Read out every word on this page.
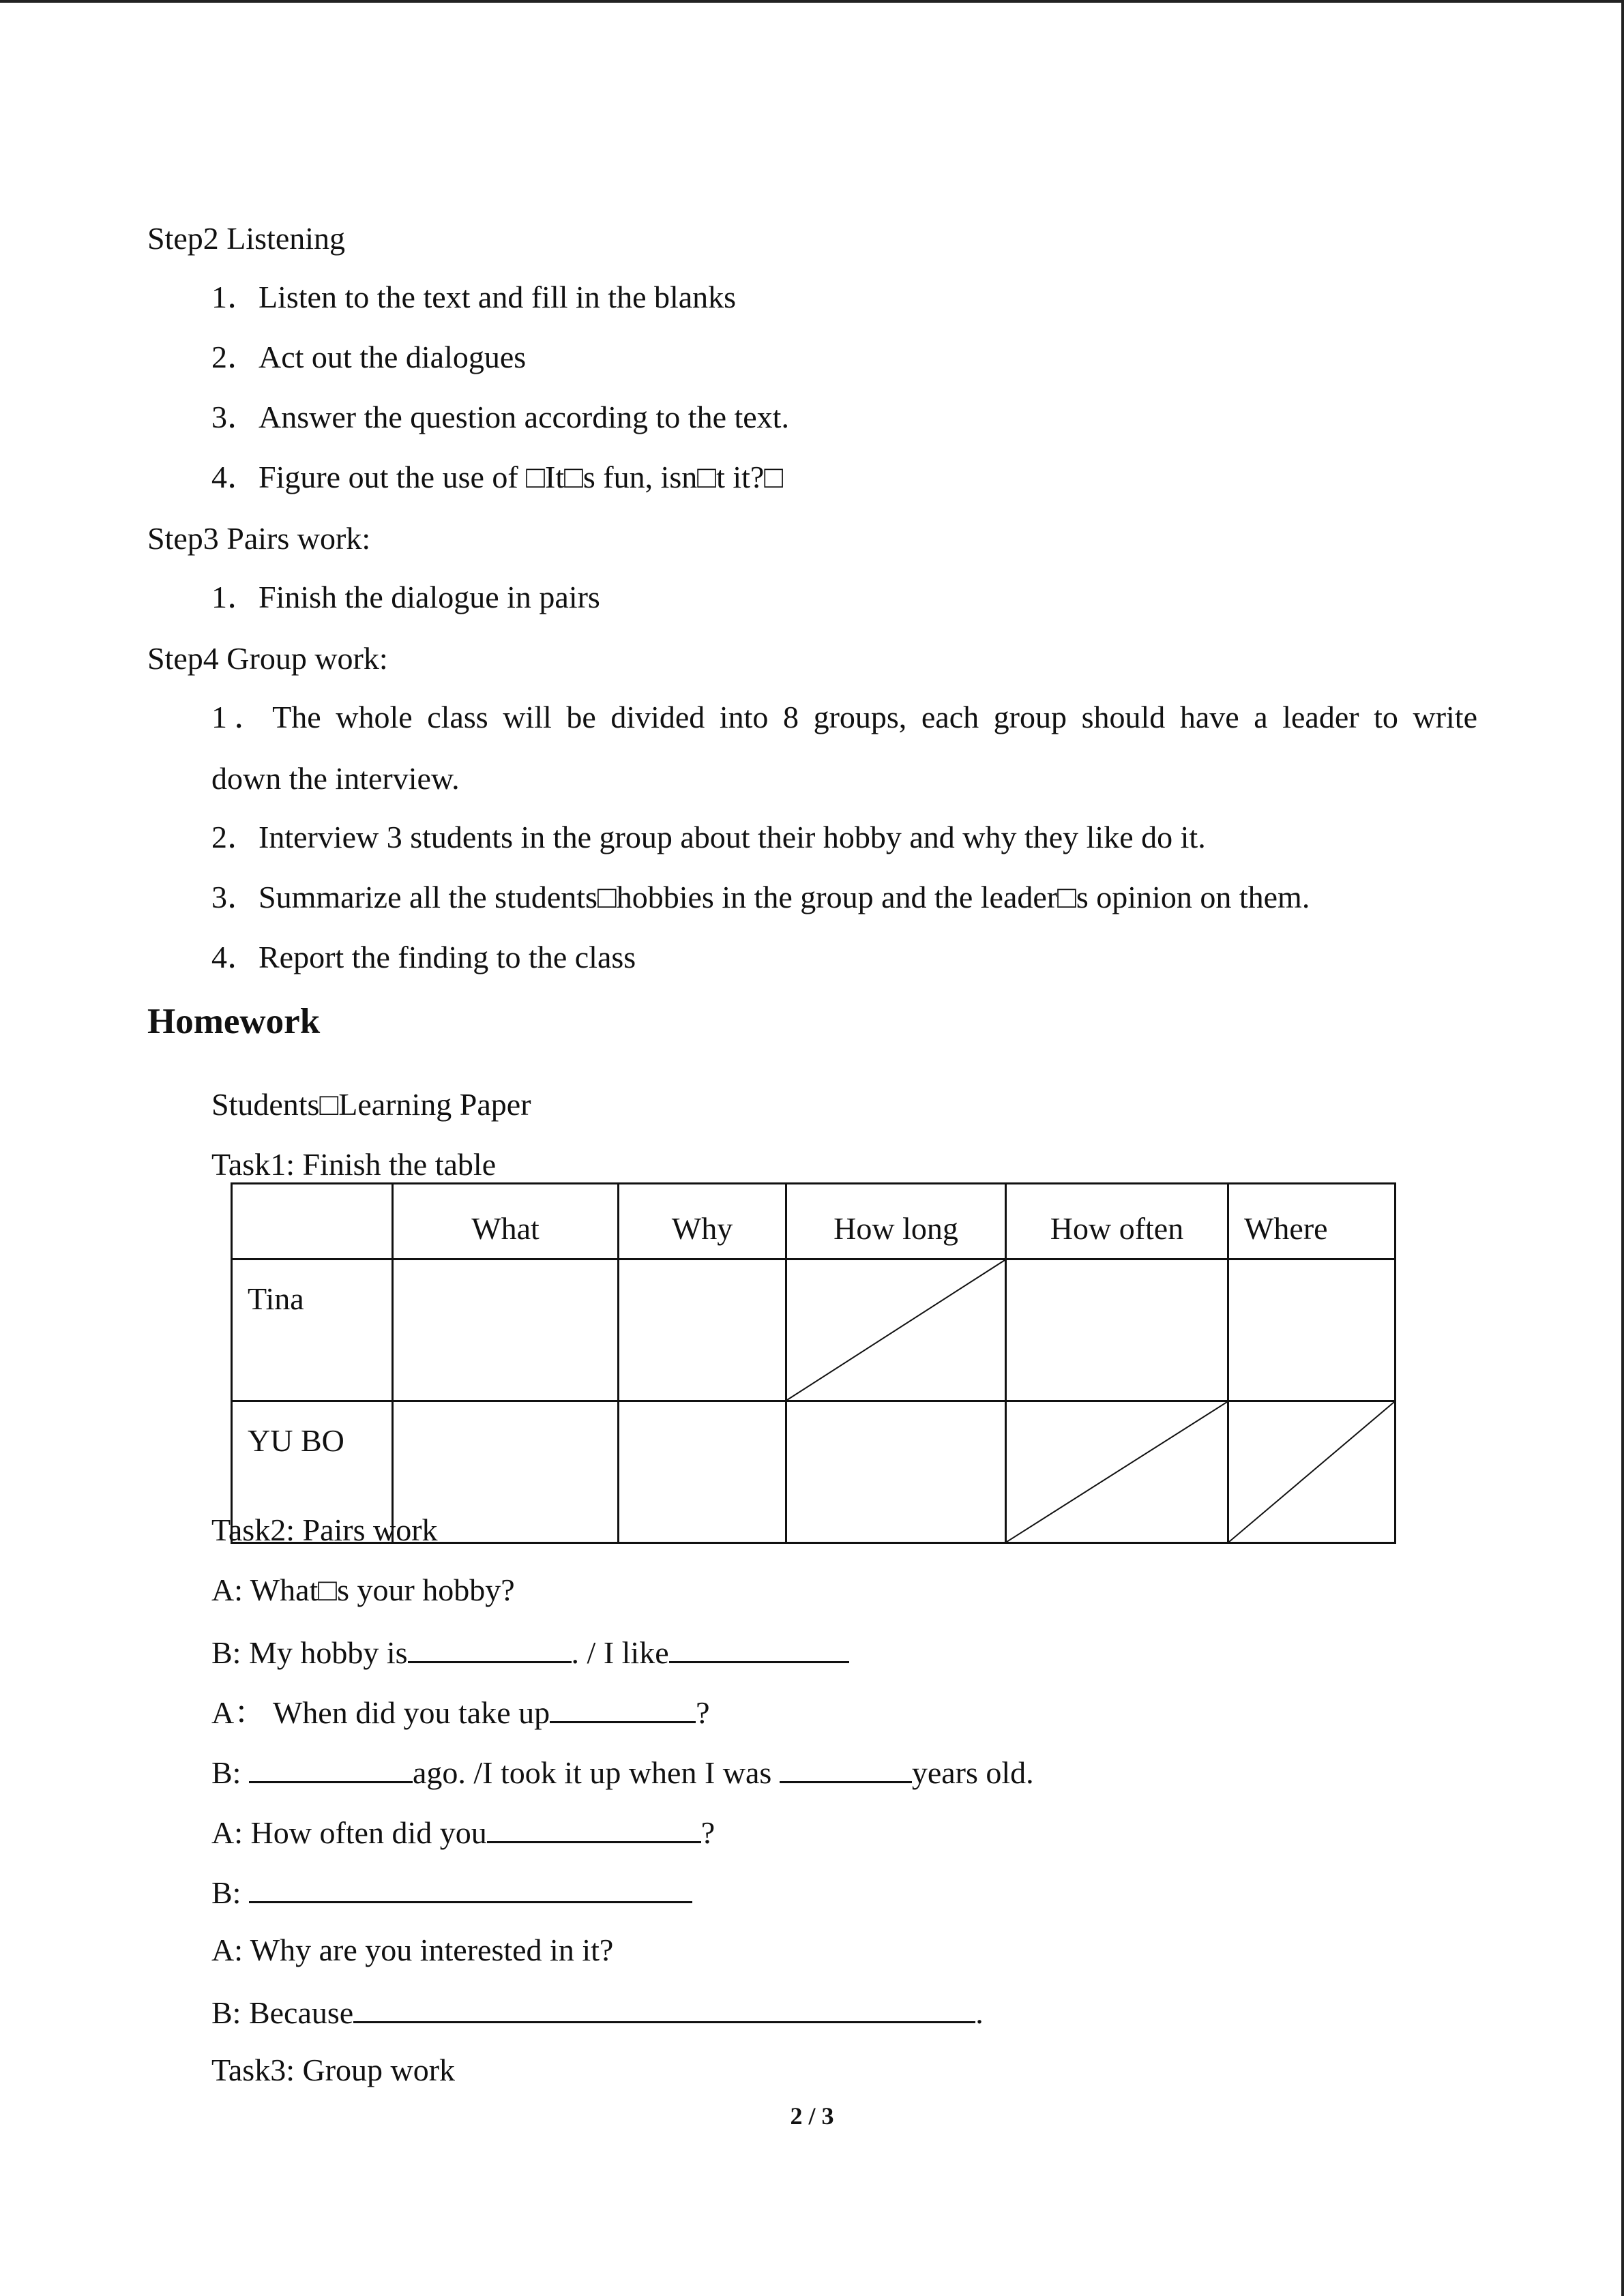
Step2 Listening
1．Listen to the text and fill in the blanks
2．Act out the dialogues
3．Answer the question according to the text.
4．Figure out the use of □It□s fun, isn□t it?□
Step3 Pairs work:
1．Finish the dialogue in pairs
Step4 Group work:
1．The whole class will be divided into 8 groups, each group should have a leader to write
down the interview.
2．Interview 3 students in the group about their hobby and why they like do it.
3．Summarize all the students□hobbies in the group and the leader□s opinion on them.
4．Report the finding to the class
Homework
Students□Learning Paper
Task1: Finish the table
	What	Why	How long	How often	Where
Tina			

YU BO				

Task2: Pairs work
A: What□s your hobby?
B: My hobby is	. / I like
A： When did you take up	?
B:	ago. /I took it up when I was	years old.
A: How often did you	?
B:
A: Why are you interested in it?
B: Because	.
Task3: Group work
2 / 3
